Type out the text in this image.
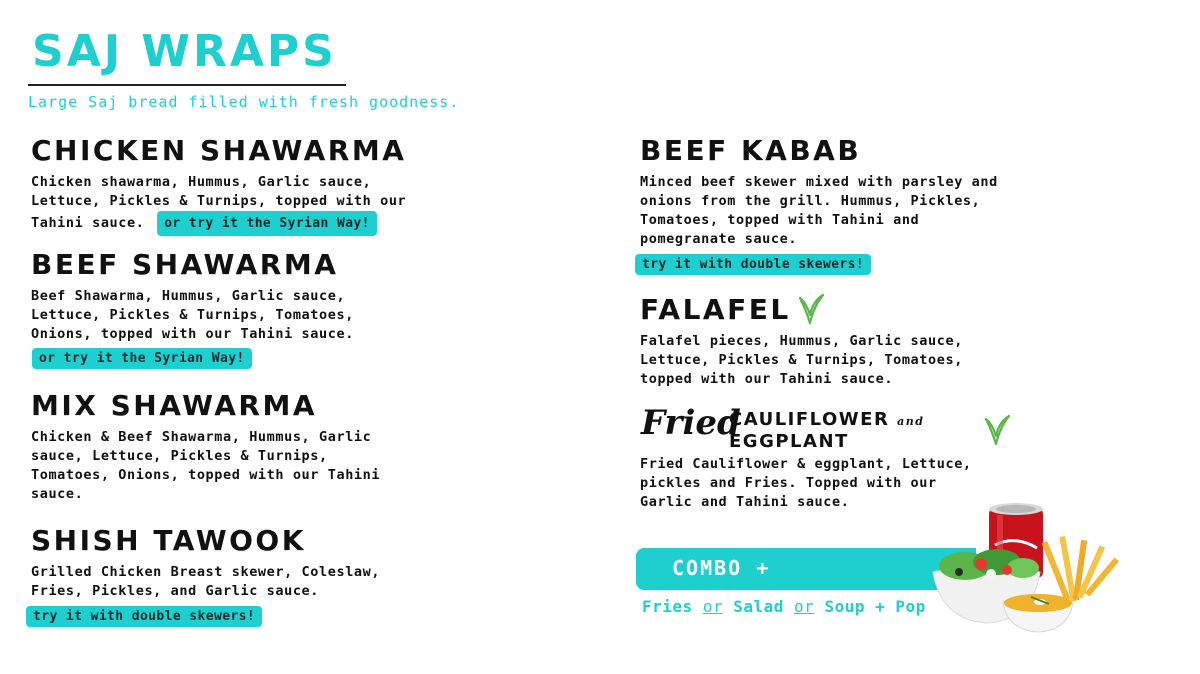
SAJ WRAPS
Large Saj bread filled with fresh goodness.
CHICKEN SHAWARMA
Chicken shawarma, Hummus, Garlic sauce,
Lettuce, Pickles & Turnips, topped with our
Tahini sauce. or try it the Syrian Way!
BEEF SHAWARMA
Beef Shawarma, Hummus, Garlic sauce,
Lettuce, Pickles & Turnips, Tomatoes,
Onions, topped with our Tahini sauce.
or try it the Syrian Way!
MIX SHAWARMA
Chicken & Beef Shawarma, Hummus, Garlic
sauce, Lettuce, Pickles & Turnips,
Tomatoes, Onions, topped with our Tahini
sauce.
SHISH TAWOOK
Grilled Chicken Breast skewer, Coleslaw,
Fries, Pickles, and Garlic sauce.
try it with double skewers!
BEEF KABAB
Minced beef skewer mixed with parsley and
onions from the grill. Hummus, Pickles,
Tomatoes, topped with Tahini and
pomegranate sauce.
try it with double skewers!
FALAFEL
Falafel pieces, Hummus, Garlic sauce,
Lettuce, Pickles & Turnips, Tomatoes,
topped with our Tahini sauce.
Fried
CAULIFLOWER and
EGGPLANT
Fried Cauliflower & eggplant, Lettuce,
pickles and Fries. Topped with our
Garlic and Tahini sauce.
COMBO +
Fries or Salad or Soup + Pop
